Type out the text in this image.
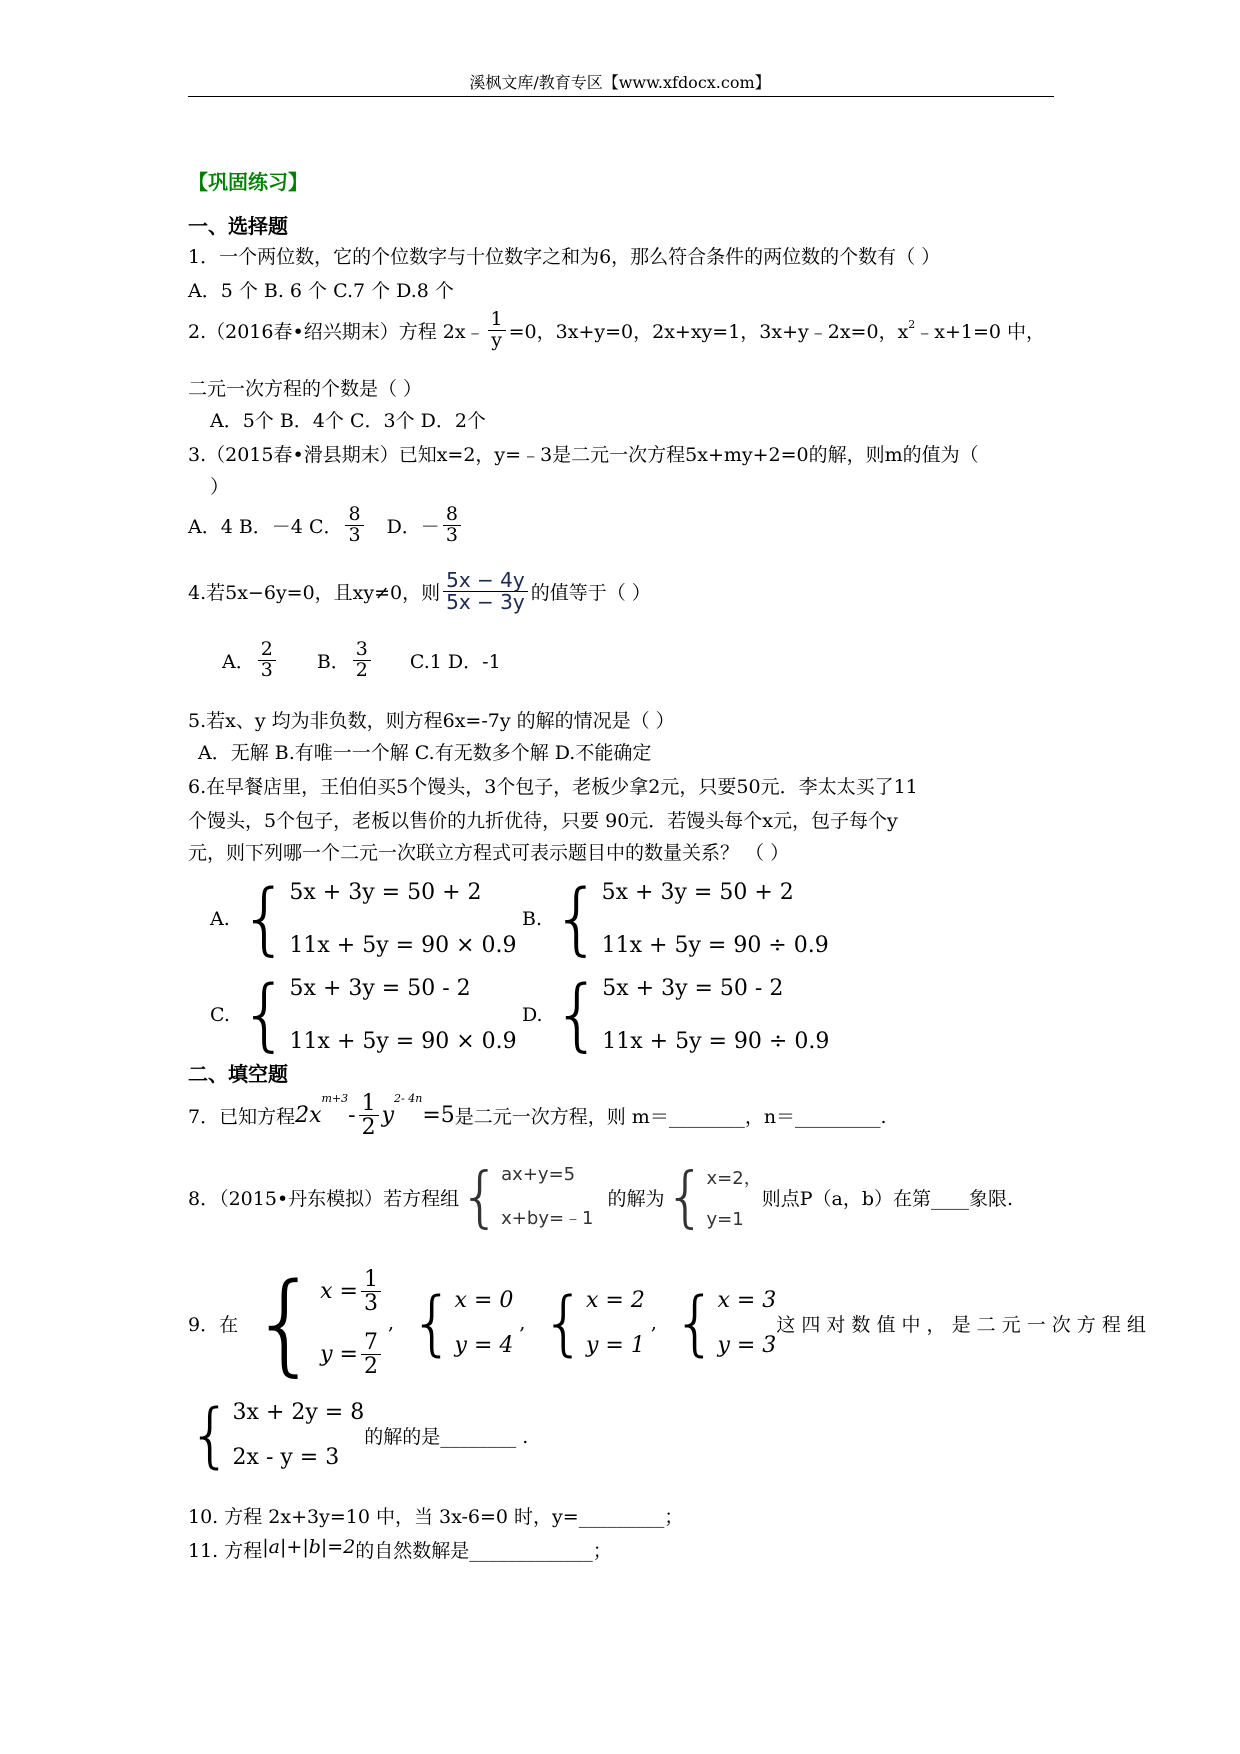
溪枫文库/教育专区【www.xfdocx.com】
【巩固练习】
一、选择题
1．一个两位数，它的个位数字与十位数字之和为6，那么符合条件的两位数的个数有（ ）
A．5 个 B. 6 个 C.7 个 D.8 个
2.（2016春•绍兴期末）方程 2x﹣ $\frac{1}{y} =0$，3x+y=0，2x+xy=1，3x+y﹣2x=0，$x^2$ ﹣x+1=0 中，
二元一次方程的个数是（ ）
A．5个 B．4个 C．3个 D．2个
3.（2015春•滑县期末）已知x=2，y=﹣3是二元一次方程5x+my+2=0的解，则m的值为（
）
A．4 B．－4 C． $\frac{8}{3}$ D．－ $\frac{8}{3}$
4.若5x−6y=0，且xy≠0，则 $\frac{5x - 4y}{5x - 3y}$ 的值等于（ ）
A． $\frac{2}{3}$ B． $\frac{3}{2} C.1$ D．-1
5.若x、y 均为非负数，则方程6x=-7y 的解的情况是（ ）
A．无解 B.有唯一一个解 C.有无数多个解 D.不能确定
6.在早餐店里，王伯伯买5个馒头，3个包子，老板少拿2元，只要50元．李太太买了11
个馒头，5个包子，老板以售价的九折优待，只要 90元．若馒头每个x元，包子每个y
元，则下列哪一个二元一次联立方程式可表示题目中的数量关系？ （ ）
A. { 5x + 3y = 50 + 2
11x + 5y = 90 × 0.9
B. { 5x + 3y = 50 + 2
11x + 5y = 90 ÷ 0.9
C. { 5x + 3y = 50 - 2
11x + 5y = 90 × 0.9
D. { 5x + 3y = 50 - 2
11x + 5y = 90 ÷ 0.9
二、填空题
7．已知方程 2x
$^{m+3}$
- $\frac{1}{2}$ y
$^{2- 4n}$
=5 是二元一次方程，则 m＝________，n＝_________.
8．（2015•丹东模拟）若方程组 { ax+y=5
x+by=﹣1
的解为 { x=2，
y=1
则点P（a，b）在第____象限.
9．在 { $x = \frac{1}{3}$
$y = \frac{7}{2}$
, { x = 0
y = 4
, { x = 2
y = 1
, { x = 3
y = 3
这 四 对 数 值 中 ， 是 二 元 一 次 方 程 组
{ 3x + 2y = 8
2x - y = 3
的解的是________ .
10. 方程 2x+3y=10 中，当 3x-6=0 时，y=_________；
11. 方程 |a|+|b|=2 的自然数解是_____________；
